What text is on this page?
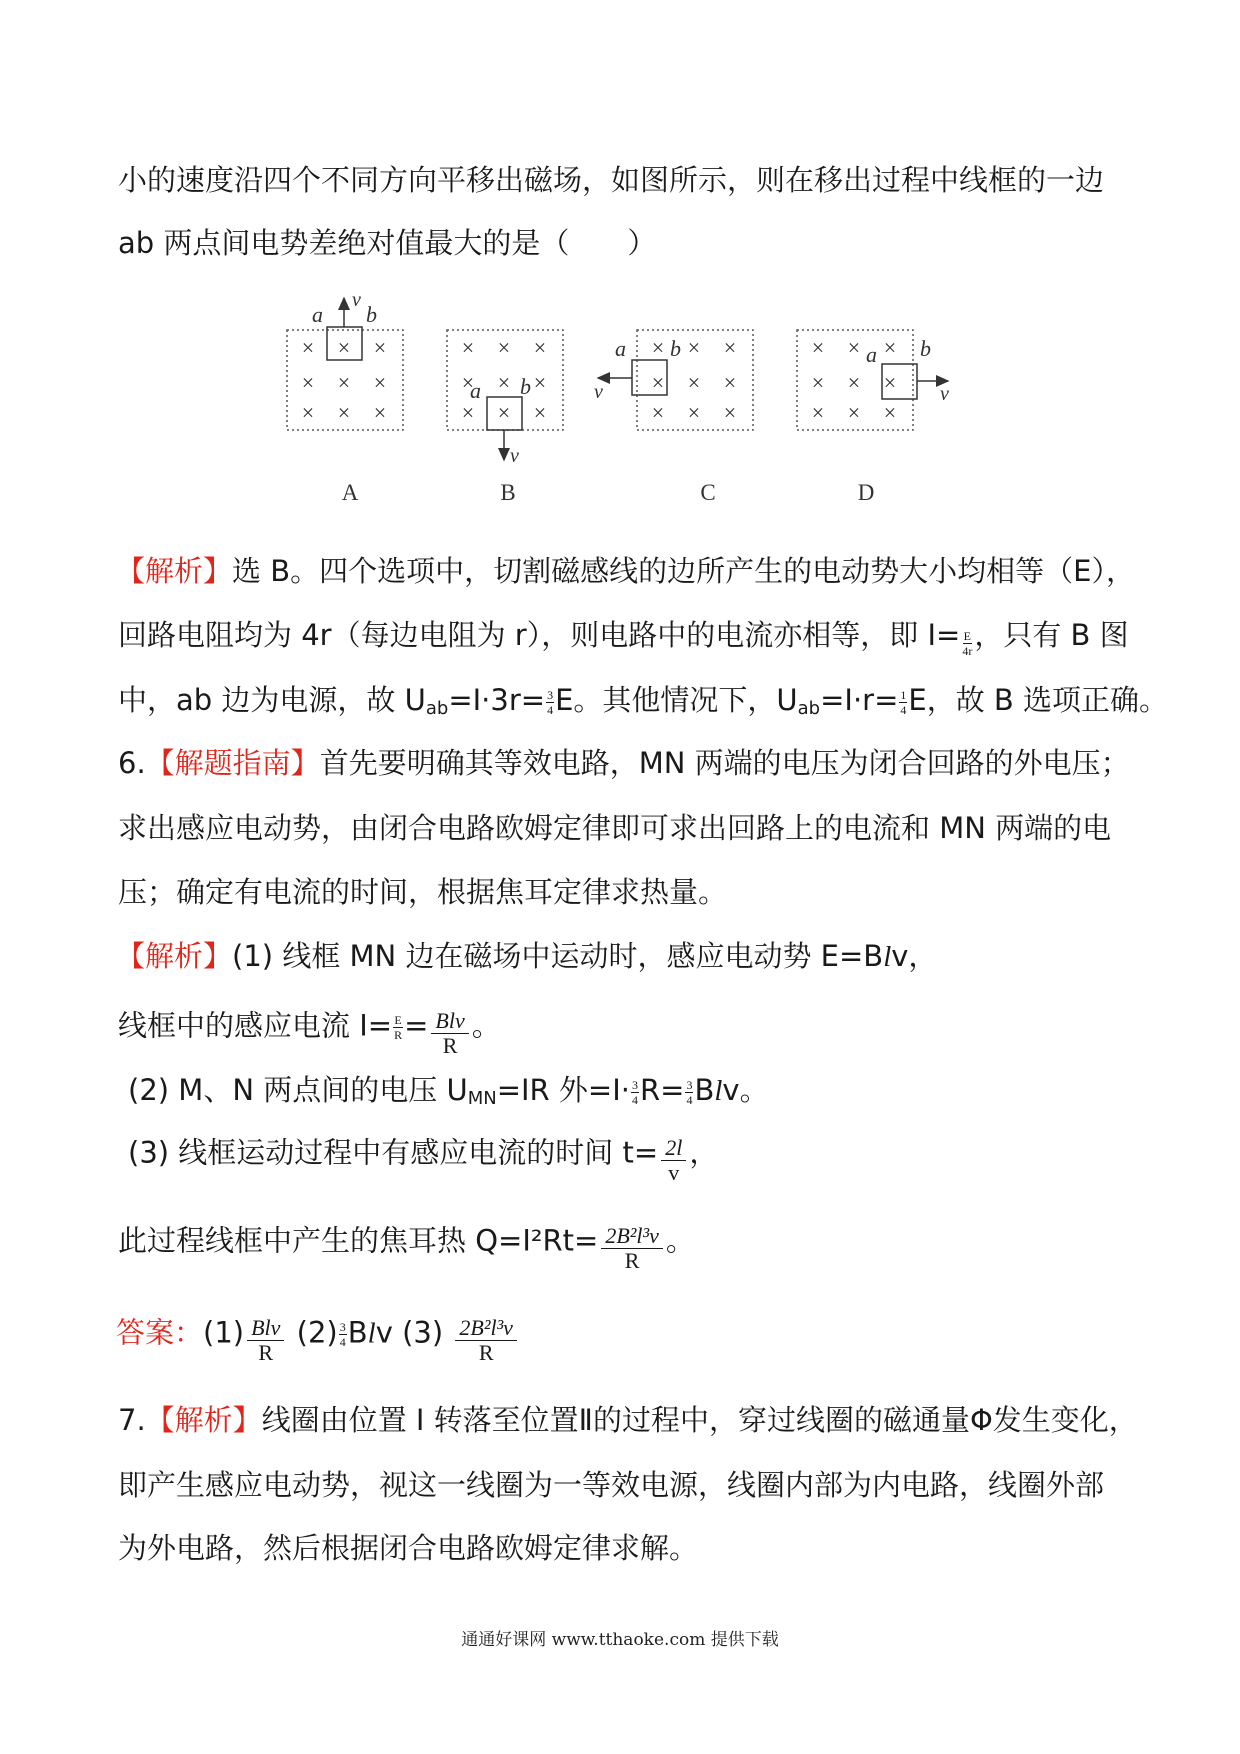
小的速度沿四个不同方向平移出磁场，如图所示，则在移出过程中线框的一边
ab 两点间电势差绝对值最大的是（　　）
× × ×
× × ×
× × ×
a b
v
× × ×
× × ×
× × ×
a b
v
× × ×
× × ×
× × ×
a b
v
× × ×
× × ×
× × ×
a b
v
A	B	C	D
【解析】选 B。四个选项中，切割磁感线的边所产生的电动势大小均相等（E），
回路电阻均为 4r（每边电阻为 r），则电路中的电流亦相等，即 $I= \frac{E}{4r}$ ，只有 B 图
中，ab 边为电源，故 $U_{ab}=I\cdot 3r= \frac{3}{4}$ E。其他情况下，$U_{ab}=I\cdot r= \frac{1}{4}$ E，故 B 选项正确。
6.【解题指南】首先要明确其等效电路，MN 两端的电压为闭合回路的外电压；
求出感应电动势，由闭合电路欧姆定律即可求出回路上的电流和 MN 两端的电
压；确定有电流的时间，根据焦耳定律求热量。
【解析】(1) 线框 MN 边在磁场中运动时，感应电动势 E=Blv，
线框中的感应电流 $I= \frac{E}{R} = \frac{\text{Blv}}{R}$ 。
(2) M、N 两点间的电压 $U_{MN}=IR$ 外$=I\cdot \frac{3}{4} R= \frac{3}{4}$ Blv。
(3) 线框运动过程中有感应电流的时间 $t= \frac{2l}{v}$ ，
此过程线框中产生的焦耳热 $Q=I^2Rt= \frac{\text{2B²l³v}}{R}$ 。
答案：$(1) \frac{\text{Blv}}{R} (2) \frac{3}{4}$ Blv $(3) \frac{\text{2B²l³v}}{R}$
7.【解析】线圈由位置 I 转落至位置Ⅱ的过程中，穿过线圈的磁通量Φ发生变化，
即产生感应电动势，视这一线圈为一等效电源，线圈内部为内电路，线圈外部
为外电路，然后根据闭合电路欧姆定律求解。
通通好课网 www.tthaoke.com 提供下载
